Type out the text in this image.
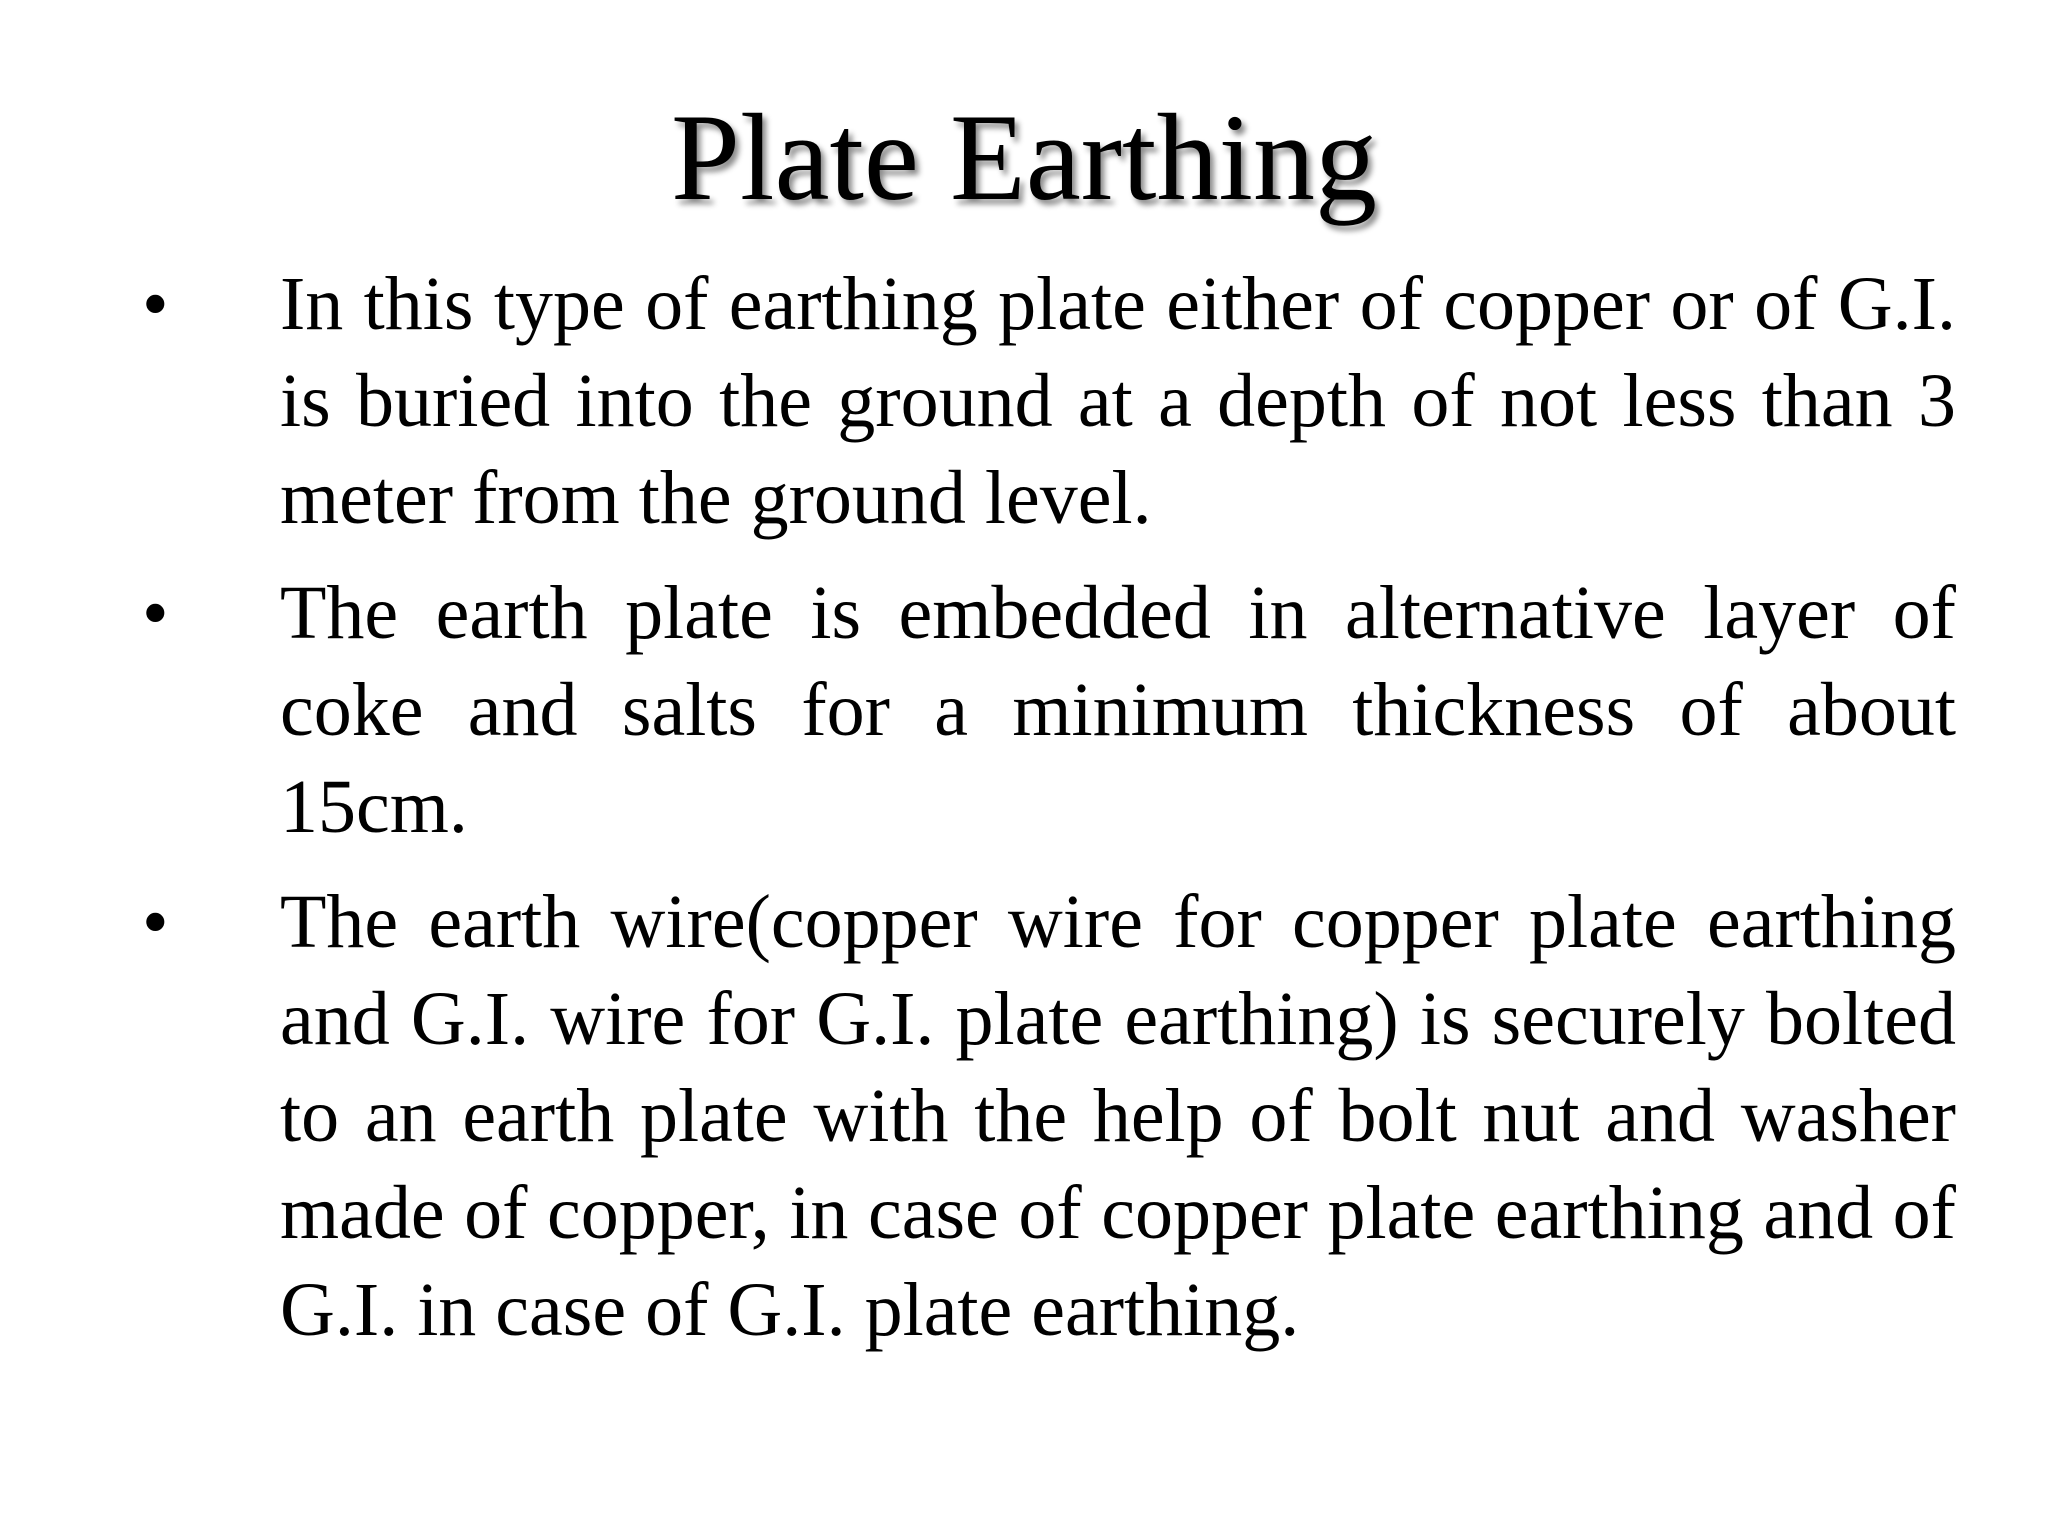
Plate Earthing
• In this type of earthing plate either of copper or of G.I. is buried into the ground at a depth of not less than 3 meter from the ground level.
• The earth plate is embedded in alternative layer of coke and salts for a minimum thickness of about 15cm.
• The earth wire(copper wire for copper plate earthing and G.I. wire for G.I. plate earthing) is securely bolted to an earth plate with the help of bolt nut and washer made of copper, in case of copper plate earthing and of G.I. in case of G.I. plate earthing.
